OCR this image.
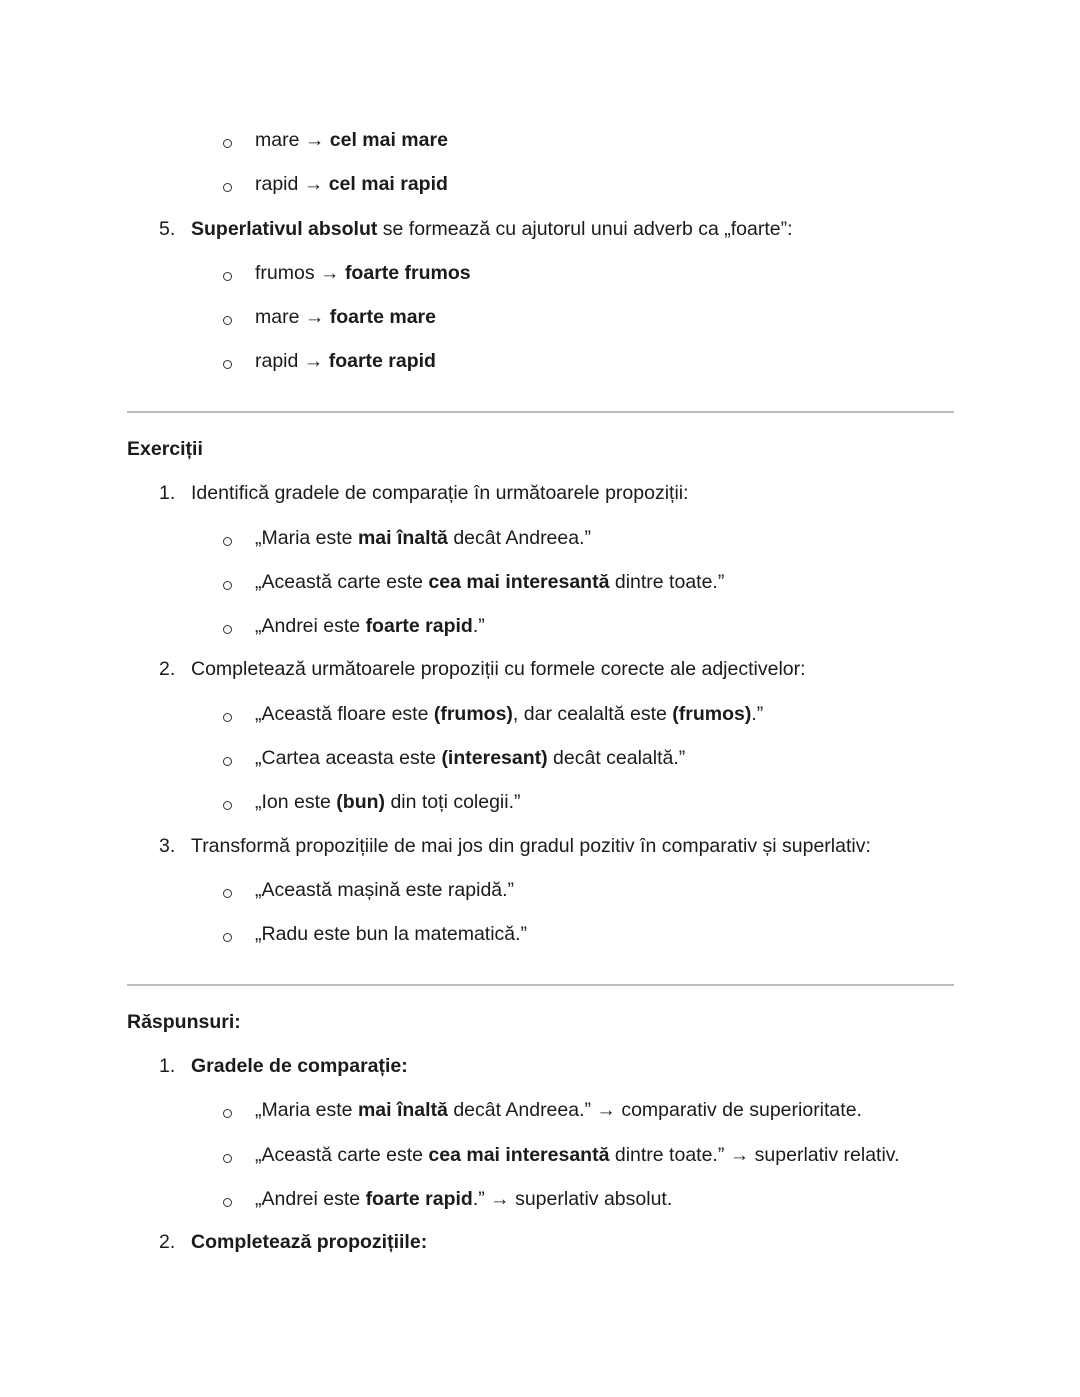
mare → cel mai mare
rapid → cel mai rapid
5. Superlativul absolut se formează cu ajutorul unui adverb ca „foarte”:
frumos → foarte frumos
mare → foarte mare
rapid → foarte rapid
Exerciții
1. Identifică gradele de comparație în următoarele propoziții:
„Maria este mai înaltă decât Andreea.”
„Această carte este cea mai interesantă dintre toate.”
„Andrei este foarte rapid.”
2. Completează următoarele propoziții cu formele corecte ale adjectivelor:
„Această floare este (frumos), dar cealaltă este (frumos).”
„Cartea aceasta este (interesant) decât cealaltă.”
„Ion este (bun) din toți colegii.”
3. Transformă propozițiile de mai jos din gradul pozitiv în comparativ și superlativ:
„Această mașină este rapidă.”
„Radu este bun la matematică.”
Răspunsuri:
1. Gradele de comparație:
„Maria este mai înaltă decât Andreea.” → comparativ de superioritate.
„Această carte este cea mai interesantă dintre toate.” → superlativ relativ.
„Andrei este foarte rapid.” → superlativ absolut.
2. Completează propozițiile:
